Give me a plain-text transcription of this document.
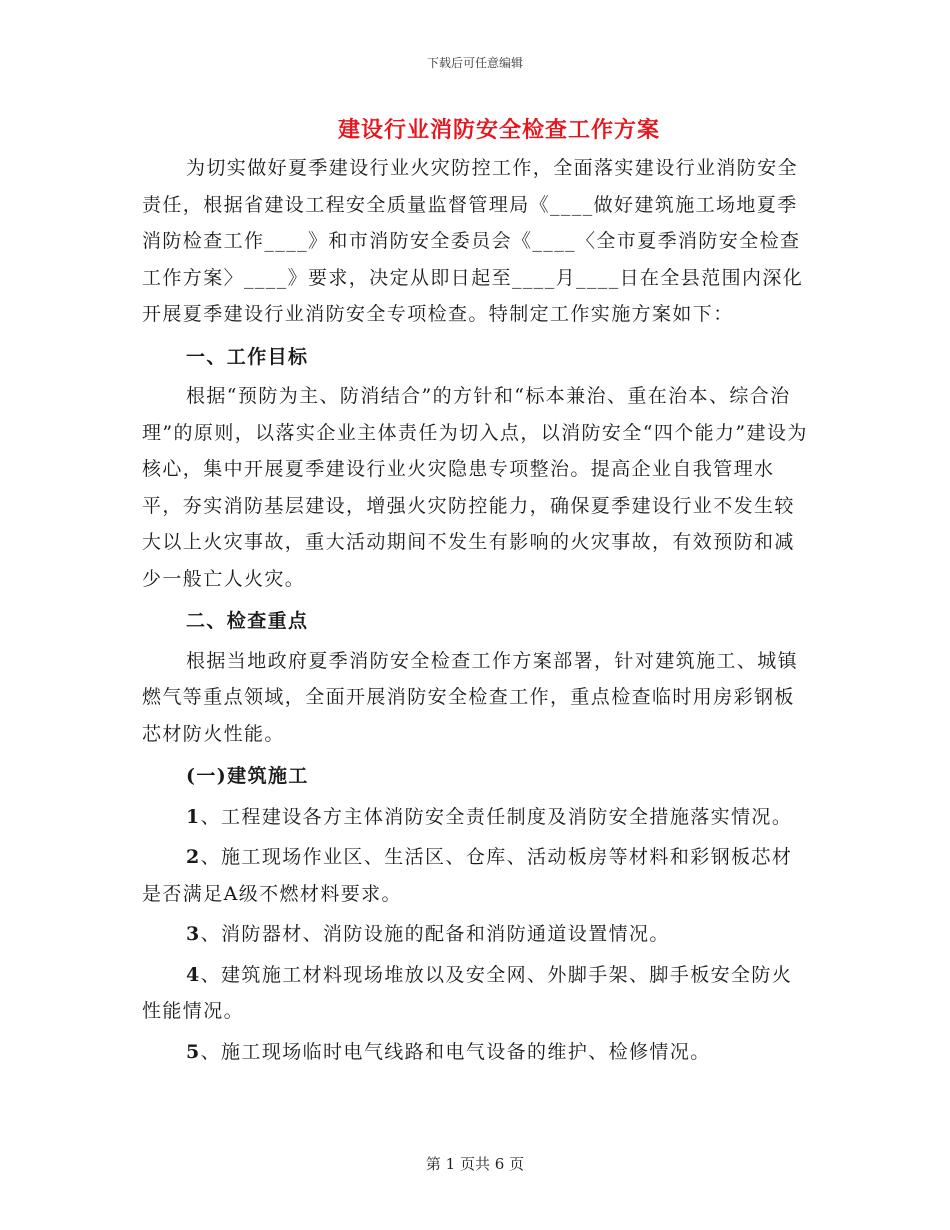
下载后可任意编辑
建设行业消防安全检查工作方案

为切实做好夏季建设行业火灾防控工作，全面落实建设行业消防安全责任，根据省建设工程安全质量监督管理局《____做好建筑施工场地夏季消防检查工作____》和市消防安全委员会《____〈全市夏季消防安全检查工作方案〉____》要求，决定从即日起至____月____日在全县范围内深化开展夏季建设行业消防安全专项检查。特制定工作实施方案如下：

一、工作目标

根据“预防为主、防消结合”的方针和“标本兼治、重在治本、综合治理”的原则，以落实企业主体责任为切入点，以消防安全“四个能力”建设为核心，集中开展夏季建设行业火灾隐患专项整治。提高企业自我管理水平，夯实消防基层建设，增强火灾防控能力，确保夏季建设行业不发生较大以上火灾事故，重大活动期间不发生有影响的火灾事故，有效预防和减少一般亡人火灾。

二、检查重点

根据当地政府夏季消防安全检查工作方案部署，针对建筑施工、城镇燃气等重点领域，全面开展消防安全检查工作，重点检查临时用房彩钢板芯材防火性能。

(一)建筑施工

1、工程建设各方主体消防安全责任制度及消防安全措施落实情况。

2、施工现场作业区、生活区、仓库、活动板房等材料和彩钢板芯材是否满足A级不燃材料要求。

3、消防器材、消防设施的配备和消防通道设置情况。

4、建筑施工材料现场堆放以及安全网、外脚手架、脚手板安全防火性能情况。

5、施工现场临时电气线路和电气设备的维护、检修情况。

第 1 页共 6 页
